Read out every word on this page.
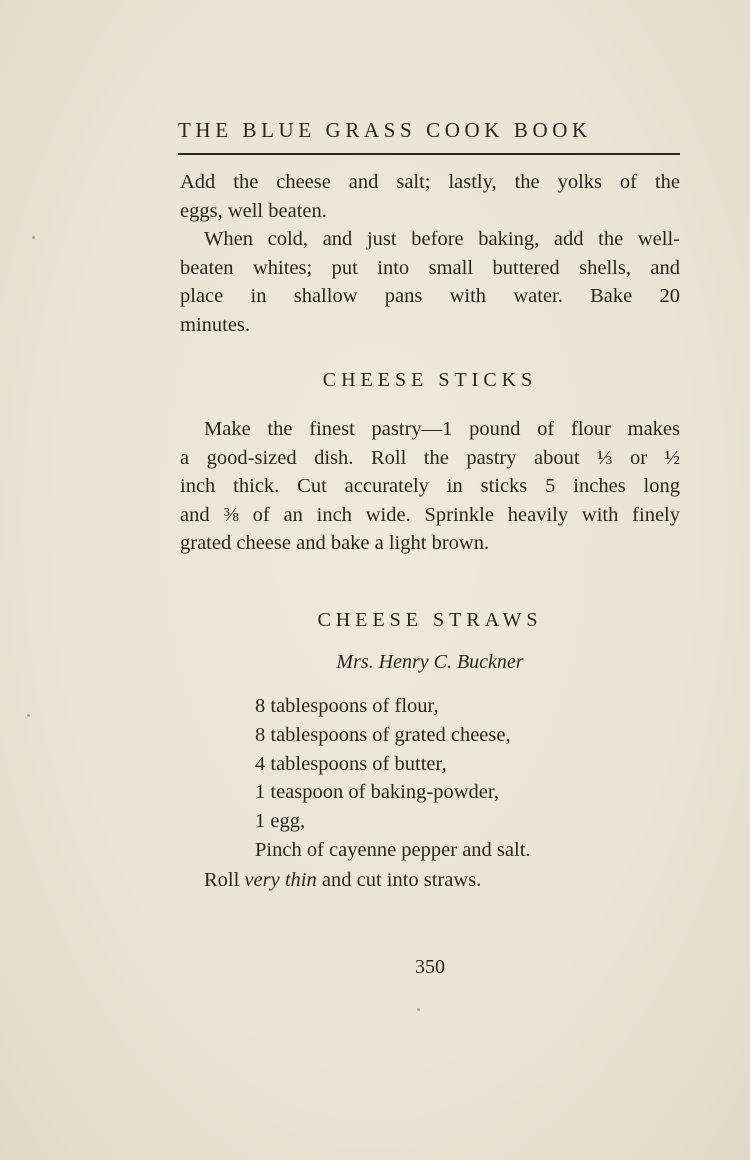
THE BLUE GRASS COOK BOOK
Add the cheese and salt; lastly, the yolks of the
eggs, well beaten.
When cold, and just before baking, add the well-
beaten whites; put into small buttered shells, and
place in shallow pans with water. Bake 20
minutes.
CHEESE STICKS
Make the finest pastry—1 pound of flour makes
a good-sized dish. Roll the pastry about ⅓ or ½
inch thick. Cut accurately in sticks 5 inches long
and ⅜ of an inch wide. Sprinkle heavily with finely
grated cheese and bake a light brown.
CHEESE STRAWS
Mrs. Henry C. Buckner
8 tablespoons of flour,
8 tablespoons of grated cheese,
4 tablespoons of butter,
1 teaspoon of baking-powder,
1 egg,
Pinch of cayenne pepper and salt.
Roll very thin and cut into straws.
350
